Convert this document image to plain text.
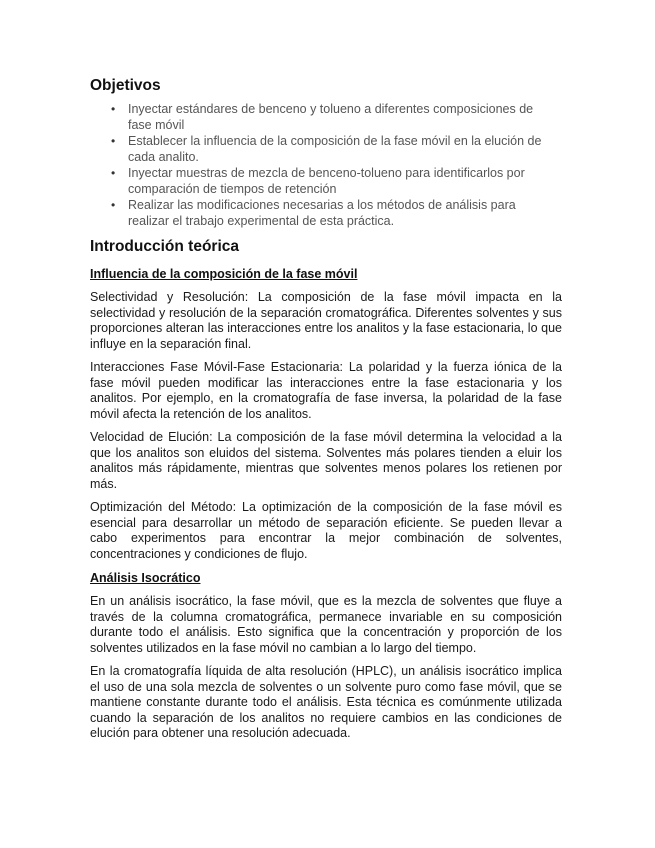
Objetivos
• Inyectar estándares de benceno y tolueno a diferentes composiciones de fase móvil
• Establecer la influencia de la composición de la fase móvil en la elución de cada analito.
• Inyectar muestras de mezcla de benceno-tolueno para identificarlos por comparación de tiempos de retención
• Realizar las modificaciones necesarias a los métodos de análisis para realizar el trabajo experimental de esta práctica.
Introducción teórica
Influencia de la composición de la fase móvil

Selectividad y Resolución: La composición de la fase móvil impacta en la selectividad y resolución de la separación cromatográfica. Diferentes solventes y sus proporciones alteran las interacciones entre los analitos y la fase estacionaria, lo que influye en la separación final.

Interacciones Fase Móvil-Fase Estacionaria: La polaridad y la fuerza iónica de la fase móvil pueden modificar las interacciones entre la fase estacionaria y los analitos. Por ejemplo, en la cromatografía de fase inversa, la polaridad de la fase móvil afecta la retención de los analitos.

Velocidad de Elución: La composición de la fase móvil determina la velocidad a la que los analitos son eluidos del sistema. Solventes más polares tienden a eluir los analitos más rápidamente, mientras que solventes menos polares los retienen por más.

Optimización del Método: La optimización de la composición de la fase móvil es esencial para desarrollar un método de separación eficiente. Se pueden llevar a cabo experimentos para encontrar la mejor combinación de solventes, concentraciones y condiciones de flujo.

Análisis Isocrático

En un análisis isocrático, la fase móvil, que es la mezcla de solventes que fluye a través de la columna cromatográfica, permanece invariable en su composición durante todo el análisis. Esto significa que la concentración y proporción de los solventes utilizados en la fase móvil no cambian a lo largo del tiempo.

En la cromatografía líquida de alta resolución (HPLC), un análisis isocrático implica el uso de una sola mezcla de solventes o un solvente puro como fase móvil, que se mantiene constante durante todo el análisis. Esta técnica es comúnmente utilizada cuando la separación de los analitos no requiere cambios en las condiciones de elución para obtener una resolución adecuada.
